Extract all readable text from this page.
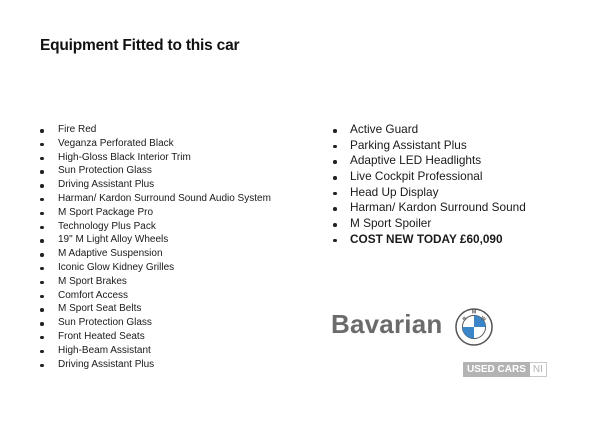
Equipment Fitted to this car
Fire Red
Veganza Perforated Black
High-Gloss Black Interior Trim
Sun Protection Glass
Driving Assistant Plus
Harman/ Kardon Surround Sound Audio System
M Sport Package Pro
Technology Plus Pack
19" M Light Alloy Wheels
M Adaptive Suspension
Iconic Glow Kidney Grilles
M Sport Brakes
Comfort Access
M Sport Seat Belts
Sun Protection Glass
Front Heated Seats
High-Beam Assistant
Driving Assistant Plus
Active Guard
Parking Assistant Plus
Adaptive LED Headlights
Live Cockpit Professional
Head Up Display
Harman/ Kardon Surround Sound
M Sport Spoiler
COST NEW TODAY £60,090
Bavarian	B
M
W
USED CARS NI
